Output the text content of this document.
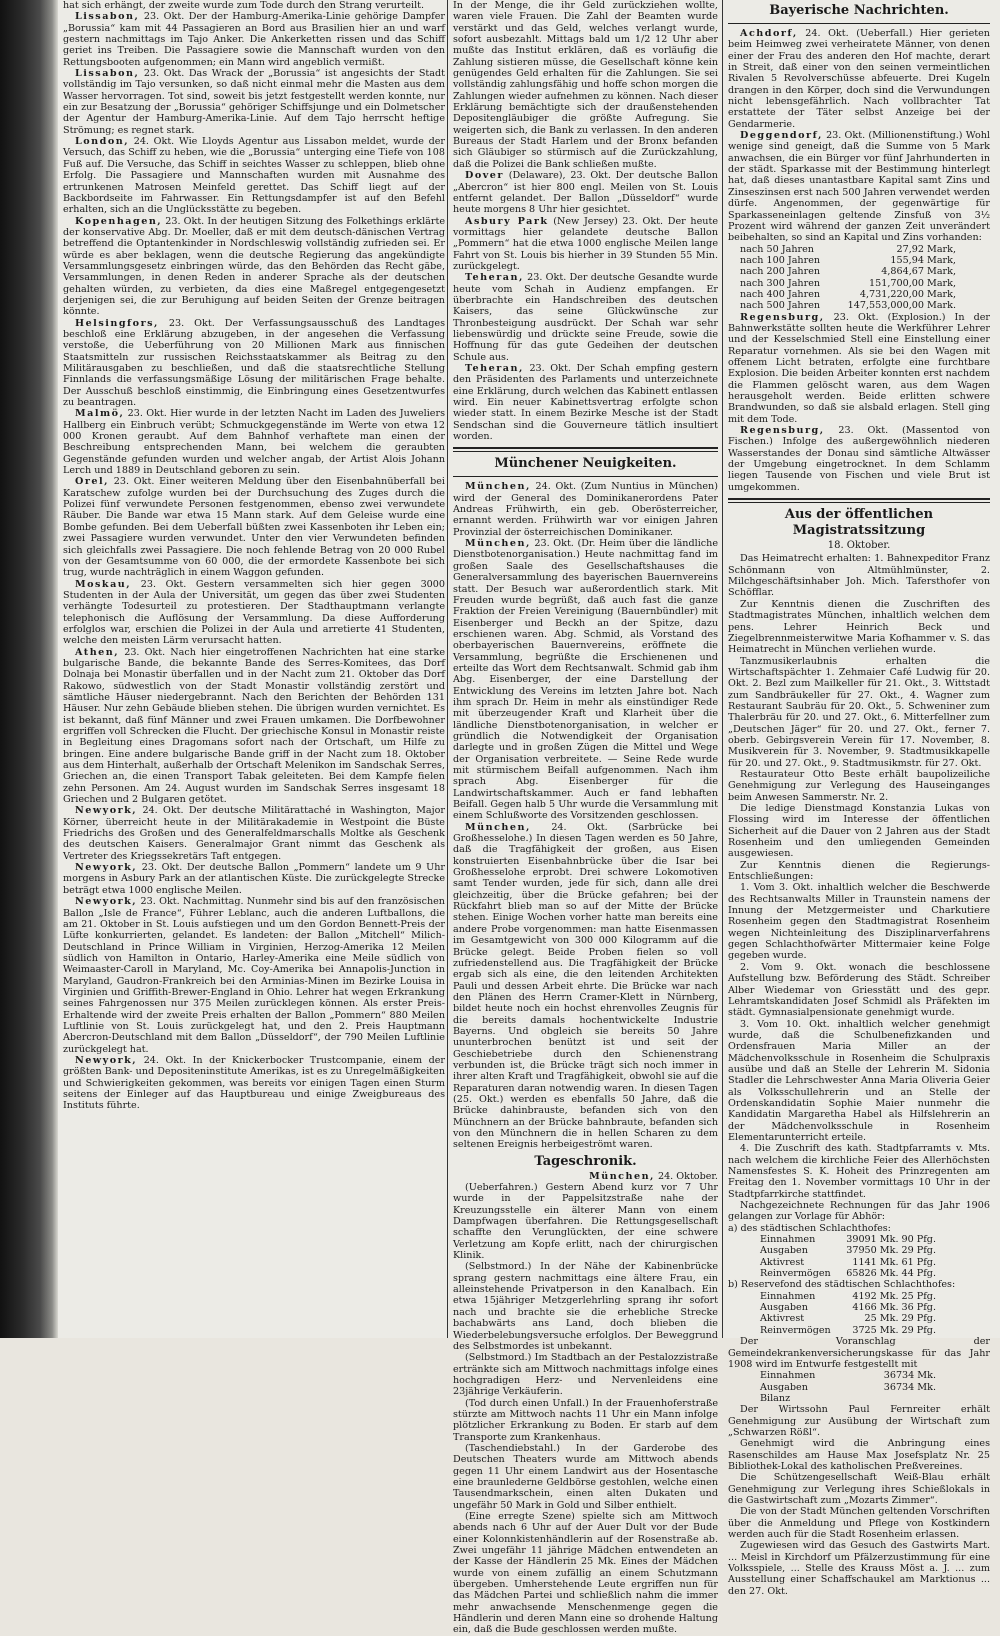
hat sich erhängt, der zweite wurde zum Tode durch den Strang verurteilt.

Lissabon, 23. Okt. Der der Hamburg-Amerika-Linie gehörige Dampfer „Borussia“ kam mit 44 Passagieren an Bord aus Brasilien hier an und warf gestern nachmittags im Tajo Anker. Die Ankerketten rissen und das Schiff geriet ins Treiben. Die Passagiere sowie die Mannschaft wurden von den Rettungsbooten aufgenommen; ein Mann wird angeblich vermißt.

Lissabon, 23. Okt. Das Wrack der „Borussia“ ist angesichts der Stadt vollständig im Tajo versunken, so daß nicht einmal mehr die Masten aus dem Wasser hervorragen. Tot sind, soweit bis jetzt festgestellt werden konnte, nur ein zur Besatzung der „Borussia“ gehöriger Schiffsjunge und ein Dolmetscher der Agentur der Hamburg-Amerika-Linie. Auf dem Tajo herrscht heftige Strömung; es regnet stark.

London, 24. Okt. Wie Lloyds Agentur aus Lissabon meldet, wurde der Versuch, das Schiff zu heben, wie die „Borussia“ unterging eine Tiefe von 108 Fuß auf. Die Versuche, das Schiff in seichtes Wasser zu schleppen, blieb ohne Erfolg. Die Passagiere und Mannschaften wurden mit Ausnahme des ertrunkenen Matrosen Meinfeld gerettet. Das Schiff liegt auf der Backbordseite im Fahrwasser. Ein Rettungsdampfer ist auf den Befehl erhalten, sich an die Unglücksstätte zu begeben.

Kopenhagen, 23. Okt. In der heutigen Sitzung des Folkethings erklärte der konservative Abg. Dr. Moeller, daß er mit dem deutsch-dänischen Vertrag betreffend die Optantenkinder in Nordschleswig vollständig zufrieden sei. Er würde es aber beklagen, wenn die deutsche Regierung das angekündigte Versammlungsgesetz einbringen würde, das den Behörden das Recht gäbe, Versammlungen, in denen Reden in anderer Sprache als der deutschen gehalten würden, zu verbieten, da dies eine Maßregel entgegengesetzt derjenigen sei, die zur Beruhigung auf beiden Seiten der Grenze beitragen könnte.

Helsingfors, 23. Okt. Der Verfassungsausschuß des Landtages beschloß eine Erklärung abzugeben, in der angesehen die Verfassung verstoße, die Ueberführung von 20 Millionen Mark aus finnischen Staatsmitteln zur russischen Reichsstaatskammer als Beitrag zu den Militärausgaben zu beschließen, und daß die staatsrechtliche Stellung Finnlands die verfassungsmäßige Lösung der militärischen Frage behalte. Der Ausschuß beschloß einstimmig, die Einbringung eines Gesetzentwurfes zu beantragen.

Malmö, 23. Okt. Hier wurde in der letzten Nacht im Laden des Juweliers Hallberg ein Einbruch verübt; Schmuckgegenstände im Werte von etwa 12 000 Kronen geraubt. Auf dem Bahnhof verhaftete man einen der Beschreibung entsprechenden Mann, bei welchem die geraubten Gegenstände gefunden wurden und welcher angab, der Artist Alois Johann Lerch und 1889 in Deutschland geboren zu sein.

Orel, 23. Okt. Einer weiteren Meldung über den Eisenbahnüberfall bei Karatschew zufolge wurden bei der Durchsuchung des Zuges durch die Polizei fünf verwundete Personen festgenommen, ebenso zwei verwundete Räuber. Die Bande war etwa 15 Mann stark. Auf dem Geleise wurde eine Bombe gefunden. Bei dem Ueberfall büßten zwei Kassenboten ihr Leben ein; zwei Passagiere wurden verwundet. Unter den vier Verwundeten befinden sich gleichfalls zwei Passagiere. Die noch fehlende Betrag von 20 000 Rubel von der Gesamtsumme von 60 000, die der ermordete Kassenbote bei sich trug, wurde nachträglich in einem Waggon gefunden.

Moskau, 23. Okt. Gestern versammelten sich hier gegen 3000 Studenten in der Aula der Universität, um gegen das über zwei Studenten verhängte Todesurteil zu protestieren. Der Stadthauptmann verlangte telephonisch die Auflösung der Versammlung. Da diese Aufforderung erfolglos war, erschien die Polizei in der Aula und arretierte 41 Studenten, welche den meisten Lärm verursacht hatten.

Athen, 23. Okt. Nach hier eingetroffenen Nachrichten hat eine starke bulgarische Bande, die bekannte Bande des Serres-Komitees, das Dorf Dolnaja bei Monastir überfallen und in der Nacht zum 21. Oktober das Dorf Rakowo, südwestlich von der Stadt Monastir vollständig zerstört und sämtliche Häuser niedergebrannt. Nach den Berichten der Behörden 131 Häuser. Nur zehn Gebäude blieben stehen. Die übrigen wurden vernichtet. Es ist bekannt, daß fünf Männer und zwei Frauen umkamen. Die Dorfbewohner ergriffen voll Schrecken die Flucht. Der griechische Konsul in Monastir reiste in Begleitung eines Dragomans sofort nach der Ortschaft, um Hilfe zu bringen. Eine andere bulgarische Bande griff in der Nacht zum 18. Oktober aus dem Hinterhalt, außerhalb der Ortschaft Melenikon im Sandschak Serres, Griechen an, die einen Transport Tabak geleiteten. Bei dem Kampfe fielen zehn Personen. Am 24. August wurden im Sandschak Serres insgesamt 18 Griechen und 2 Bulgaren getötet.

Newyork, 24. Okt. Der deutsche Militärattaché in Washington, Major Körner, überreicht heute in der Militärakademie in Westpoint die Büste Friedrichs des Großen und des Generalfeldmarschalls Moltke als Geschenk des deutschen Kaisers. Generalmajor Grant nimmt das Geschenk als Vertreter des Kriegssekretärs Taft entgegen.

Newyork, 23. Okt. Der deutsche Ballon „Pommern“ landete um 9 Uhr morgens in Asbury Park an der atlantischen Küste. Die zurückgelegte Strecke beträgt etwa 1000 englische Meilen.

Newyork, 23. Okt. Nachmittag. Nunmehr sind bis auf den französischen Ballon „Isle de France“, Führer Leblanc, auch die anderen Luftballons, die am 21. Oktober in St. Louis aufstiegen und um den Gordon Bennett-Preis der Lüfte konkurrierten, gelandet. Es landeten: der Ballon „Mitchell“ Milich-Deutschland in Prince William in Virginien, Herzog-Amerika 12 Meilen südlich von Hamilton in Ontario, Harley-Amerika eine Meile südlich von Weimaaster-Caroll in Maryland, Mc. Coy-Amerika bei Annapolis-Junction in Maryland, Gaudron-Frankreich bei den Arminias-Minen im Bezirke Louisa in Virginien und Griffith-Brewer-England in Ohio. Lehrer hat wegen Erkrankung seines Fahrgenossen nur 375 Meilen zurücklegen können. Als erster Preis-Erhaltende wird der zweite Preis erhalten der Ballon „Pommern“ 880 Meilen Luftlinie von St. Louis zurückgelegt hat, und den 2. Preis Hauptmann Abercron-Deutschland mit dem Ballon „Düsseldorf“, der 790 Meilen Luftlinie zurückgelegt hat.

Newyork, 24. Okt. In der Knickerbocker Trustcompanie, einem der größten Bank- und Depositeninstitute Amerikas, ist es zu Unregelmäßigkeiten und Schwierigkeiten gekommen, was bereits vor einigen Tagen einen Sturm seitens der Einleger auf das Hauptbureau und einige Zweigbureaus des Instituts führte.

In der Menge, die ihr Geld zurückziehen wollte, waren viele Frauen. Die Zahl der Beamten wurde verstärkt und das Geld, welches verlangt wurde, sofort ausbezahlt. Mittags bald um 1/2 12 Uhr aber mußte das Institut erklären, daß es vorläufig die Zahlung sistieren müsse, die Gesellschaft könne kein genügendes Geld erhalten für die Zahlungen. Sie sei vollständig zahlungsfähig und hoffe schon morgen die Zahlungen wieder aufnehmen zu können. Nach dieser Erklärung bemächtigte sich der draußenstehenden Depositengläubiger die größte Aufregung. Sie weigerten sich, die Bank zu verlassen. In den anderen Bureaus der Stadt Harlem und der Bronx befanden sich Gläubiger so stürmisch auf die Zurückzahlung, daß die Polizei die Bank schließen mußte.

Dover (Delaware), 23. Okt. Der deutsche Ballon „Abercron“ ist hier 800 engl. Meilen von St. Louis entfernt gelandet. Der Ballon „Düsseldorf“ wurde heute morgens 8 Uhr hier gesichtet.

Asbury Park (New Jersey) 23. Okt. Der heute vormittags hier gelandete deutsche Ballon „Pommern“ hat die etwa 1000 englische Meilen lange Fahrt von St. Louis bis hierher in 39 Stunden 55 Min. zurückgelegt.

Teheran, 23. Okt. Der deutsche Gesandte wurde heute vom Schah in Audienz empfangen. Er überbrachte ein Handschreiben des deutschen Kaisers, das seine Glückwünsche zur Thronbesteigung ausdrückt. Der Schah war sehr liebenswürdig und drückte seine Freude, sowie die Hoffnung für das gute Gedeihen der deutschen Schule aus.

Teheran, 23. Okt. Der Schah empfing gestern den Präsidenten des Parlaments und unterzeichnete eine Erklärung, durch welchen das Kabinett entlassen wird. Ein neuer Kabinettsvertrag erfolgte schon wieder statt. In einem Bezirke Mesche ist der Stadt Sendschan sind die Gouverneure tätlich insultiert worden.

Münchener Neuigkeiten.

München, 24. Okt. (Zum Nuntius in München) wird der General des Dominikanerordens Pater Andreas Frühwirth, ein geb. Oberösterreicher, ernannt werden. Frühwirth war vor einigen Jahren Provinzial der österreichischen Dominikaner.

München, 23. Okt. (Dr. Heim über die ländliche Dienstbotenorganisation.) Heute nachmittag fand im großen Saale des Gesellschaftshauses die Generalversammlung des bayerischen Bauernvereins statt. Der Besuch war außerordentlich stark. Mit Freuden wurde begrüßt, daß auch fast die ganze Fraktion der Freien Vereinigung (Bauernbündler) mit Eisenberger und Beckh an der Spitze, dazu erschienen waren. Abg. Schmid, als Vorstand des oberbayerischen Bauernvereins, eröffnete die Versammlung, begrüßte die Erschienenen und erteilte das Wort dem Rechtsanwalt. Schmid gab ihm Abg. Eisenberger, der eine Darstellung der Entwicklung des Vereins im letzten Jahre bot. Nach ihm sprach Dr. Heim in mehr als einstündiger Rede mit überzeugender Kraft und Klarheit über die ländliche Dienstbotenorganisation, in welcher er gründlich die Notwendigkeit der Organisation darlegte und in großen Zügen die Mittel und Wege der Organisation verbreitete. — Seine Rede wurde mit stürmischem Beifall aufgenommen. Nach ihm sprach Abg. Eisenberger für die Landwirtschaftskammer. Auch er fand lebhaften Beifall. Gegen halb 5 Uhr wurde die Versammlung mit einem Schlußworte des Vorsitzenden geschlossen.

München, 24. Okt. (Sarbrücke bei Großhesselohe.) In diesen Tagen werden es 50 Jahre, daß die Tragfähigkeit der großen, aus Eisen konstruierten Eisenbahnbrücke über die Isar bei Großhesselohe erprobt. Drei schwere Lokomotiven samt Tender wurden, jede für sich, dann alle drei gleichzeitig, über die Brücke gefahren; bei der Rückfahrt blieb man so auf der Mitte der Brücke stehen. Einige Wochen vorher hatte man bereits eine andere Probe vorgenommen: man hatte Eisenmassen im Gesamtgewicht von 300 000 Kilogramm auf die Brücke gelegt. Beide Proben fielen so voll zufriedenstellend aus. Die Tragfähigkeit der Brücke ergab sich als eine, die den leitenden Architekten Pauli und dessen Arbeit ehrte. Die Brücke war nach den Plänen des Herrn Cramer-Klett in Nürnberg, bildet heute noch ein hochst ehrenvolles Zeugnis für die bereits damals hochentwickelte Industrie Bayerns. Und obgleich sie bereits 50 Jahre ununterbrochen benützt ist und seit der Geschiebetriebe durch den Schienenstrang verbunden ist, die Brücke trägt sich noch immer in ihrer alten Kraft und Tragfähigkeit, obwohl sie auf die Reparaturen daran notwendig waren. In diesen Tagen (25. Okt.) werden es ebenfalls 50 Jahre, daß die Brücke dahinbrauste, befanden sich von den Münchnern an der Brücke bahnbraute, befanden sich von den Münchnern die in hellen Scharen zu dem seltenen Ereignis herbeigeströmt waren.

Tageschronik.

München, 24. Oktober.

(Ueberfahren.) Gestern Abend kurz vor 7 Uhr wurde in der Pappelsitzstraße nahe der Kreuzungsstelle ein älterer Mann von einem Dampfwagen überfahren. Die Rettungsgesellschaft schaffte den Verunglückten, der eine schwere Verletzung am Kopfe erlitt, nach der chirurgischen Klinik.

(Selbstmord.) In der Nähe der Kabinenbrücke sprang gestern nachmittags eine ältere Frau, ein alleinstehende Privatperson in den Kanalbach. Ein etwa 15jähriger Metzgerlehrling sprang ihr sofort nach und brachte sie die erhebliche Strecke bachabwärts ans Land, doch blieben die Wiederbelebungsversuche erfolglos. Der Beweggrund des Selbstmordes ist unbekannt.

(Selbstmord.) Im Stadtbach an der Pestalozzistraße ertränkte sich am Mittwoch nachmittags infolge eines hochgradigen Herz- und Nervenleidens eine 23jährige Verkäuferin.

(Tod durch einen Unfall.) In der Frauenhoferstraße stürzte am Mittwoch nachts 11 Uhr ein Mann infolge plötzlicher Erkrankung zu Boden. Er starb auf dem Transporte zum Krankenhaus.

(Taschendiebstahl.) In der Garderobe des Deutschen Theaters wurde am Mittwoch abends gegen 11 Uhr einem Landwirt aus der Hosentasche eine braunlederne Geldbörse gestohlen, welche einen Tausendmarkschein, einen alten Dukaten und ungefähr 50 Mark in Gold und Silber enthielt.

(Eine erregte Szene) spielte sich am Mittwoch abends nach 6 Uhr auf der Auer Dult vor der Bude einer Kolonnkistenhändlerin auf der Rosenstraße ab. Zwei ungefähr 11 jährige Mädchen entwendeten an der Kasse der Händlerin 25 Mk. Eines der Mädchen wurde von einem zufällig an einem Schutzmann übergeben. Umherstehende Leute ergriffen nun für das Mädchen Partei und schließlich nahm die immer mehr anwachsende Menschenmenge gegen die Händlerin und deren Mann eine so drohende Haltung ein, daß die Bude geschlossen werden mußte.

Bayerische Nachrichten.

Achdorf, 24. Okt. (Ueberfall.) Hier gerieten beim Heimweg zwei verheiratete Männer, von denen einer der Frau des anderen den Hof machte, derart in Streit, daß einer von den seinen vermeintlichen Rivalen 5 Revolverschüsse abfeuerte. Drei Kugeln drangen in den Körper, doch sind die Verwundungen nicht lebensgefährlich. Nach vollbrachter Tat erstattete der Täter selbst Anzeige bei der Gendarmerie.

Deggendorf, 23. Okt. (Millionenstiftung.) Wohl wenige sind geneigt, daß die Summe von 5 Mark anwachsen, die ein Bürger vor fünf Jahrhunderten in der städt. Sparkasse mit der Bestimmung hinterlegt hat, daß dieses unantastbare Kapital samt Zins und Zinseszinsen erst nach 500 Jahren verwendet werden dürfe. Angenommen, der gegenwärtige für Sparkasseneinlagen geltende Zinsfuß von 3½ Prozent wird während der ganzen Zeit unverändert beibehalten, so sind an Kapital und Zins vorhanden:

nach 50 Jahren	27,92 Mark,
nach 100 Jahren	155,94 Mark,
nach 200 Jahren	4,864,67 Mark,
nach 300 Jahren	151,700,00 Mark,
nach 400 Jahren	4,731,220,00 Mark,
nach 500 Jahren	147,553,000,00 Mark.

Regensburg, 23. Okt. (Explosion.) In der Bahnwerkstätte sollten heute die Werkführer Lehrer und der Kesselschmied Stell eine Einstellung einer Reparatur vornehmen. Als sie bei den Wagen mit offenem Licht betraten, erfolgte eine furchtbare Explosion. Die beiden Arbeiter konnten erst nachdem die Flammen gelöscht waren, aus dem Wagen herausgeholt werden. Beide erlitten schwere Brandwunden, so daß sie alsbald erlagen. Stell ging mit dem Tode.

Regensburg, 23. Okt. (Massentod von Fischen.) Infolge des außergewöhnlich niederen Wasserstandes der Donau sind sämtliche Altwässer der Umgebung eingetrocknet. In dem Schlamm liegen Tausende von Fischen und viele Brut ist umgekommen.

Aus der öffentlichen Magistratssitzung
18. Oktober.

Das Heimatrecht erhalten: 1. Bahnexpeditor Franz Schönmann von Altmühlmünster, 2. Milchgeschäftsinhaber Joh. Mich. Tafersthofer von Schöfflar.

Zur Kenntnis dienen die Zuschriften des Stadtmagistrates München, inhaltlich welchen dem pens. Lehrer Heinrich Beck und Ziegelbrennmeisterwitwe Maria Kofhammer v. S. das Heimatrecht in München verliehen wurde.

Tanzmusikerlaubnis erhalten die Wirtschaftspächter 1. Zehmaier Café Ludwig für 20. Okt. 2. Bezl zum Mailkeller für 21. Okt., 3. Wittstadt zum Sandbräukeller für 27. Okt., 4. Wagner zum Restaurant Saubräu für 20. Okt., 5. Schweniner zum Thalerbräu für 20. und 27. Okt., 6. Mitterfellner zum „Deutschen Jäger“ für 20. und 27. Okt., ferner 7. oberb. Gebirgsverein Verein für 17. November, 8. Musikverein für 3. November, 9. Stadtmusikkapelle für 20. und 27. Okt., 9. Stadtmusikmstr. für 27. Okt.

Restaurateur Otto Beste erhält baupolizeiliche Genehmigung zur Verlegung des Hauseinganges beim Anwesen Sammerstr. Nr. 2.

Die ledige Dienstmagd Konstanzia Lukas von Flossing wird im Interesse der öffentlichen Sicherheit auf die Dauer von 2 Jahren aus der Stadt Rosenheim und den umliegenden Gemeinden ausgewiesen.

Zur Kenntnis dienen die Regierungs-Entschließungen:

1. Vom 3. Okt. inhaltlich welcher die Beschwerde des Rechtsanwalts Miller in Traunstein namens der Innung der Metzgermeister und Charkutiere Rosenheim gegen den Stadtmagistrat Rosenheim wegen Nichteinleitung des Disziplinarverfahrens gegen Schlachthofwärter Mittermaier keine Folge gegeben wurde.

2. Vom 9. Okt. wonach die beschlossene Aufstellung bzw. Beförderung des Städt. Schreiber Alber Wiedemar von Griesstätt und des gepr. Lehramtskandidaten Josef Schmidl als Präfekten im städt. Gymnasialpensionate genehmigt wurde.

3. Vom 10. Okt. inhaltlich welcher genehmigt wurde, daß die Schulbenefizkanden und Ordensfrauen Maria Miller an der Mädchenvolksschule in Rosenheim die Schulpraxis ausübe und daß an Stelle der Lehrerin M. Sidonia Stadler die Lehrschwester Anna Maria Oliveria Geier als Volksschullehrerin und an Stelle der Ordenskandidatin Sophie Maier nunmehr die Kandidatin Margaretha Habel als Hilfslehrerin an der Mädchenvolksschule in Rosenheim Elementarunterricht erteile.

4. Die Zuschrift des kath. Stadtpfarramts v. Mts. nach welchem die kirchliche Feier des Allerhöchsten Namensfestes S. K. Hoheit des Prinzregenten am Freitag den 1. November vormittags 10 Uhr in der Stadtpfarrkirche stattfindet.

Nachgezeichnete Rechnungen für das Jahr 1906 gelangen zur Vorlage für Abhör:

a) des städtischen Schlachthofes:

Einnahmen	39091 Mk. 90 Pfg.
Ausgaben	37950 Mk. 29 Pfg.
Aktivrest	1141 Mk. 61 Pfg.
Reinvermögen	65826 Mk. 44 Pfg.

b) Reservefond des städtischen Schlachthofes:

Einnahmen	4192 Mk. 25 Pfg.
Ausgaben	4166 Mk. 36 Pfg.
Aktivrest	25 Mk. 29 Pfg.
Reinvermögen	3725 Mk. 29 Pfg.

Der Voranschlag der Gemeindekrankenversicherungskasse für das Jahr 1908 wird im Entwurfe festgestellt mit

Einnahmen	36734 Mk.
Ausgaben	36734 Mk.
Bilanz	

Der Wirtssohn Paul Fernreiter erhält Genehmigung zur Ausübung der Wirtschaft zum „Schwarzen Rößl“.

Genehmigt wird die Anbringung eines Rasenschildes am Hause Max Josefsplatz Nr. 25 Bibliothek-Lokal des katholischen Preßvereines.

Die Schützengesellschaft Weiß-Blau erhält Genehmigung zur Verlegung ihres Schießlokals in die Gastwirtschaft zum „Mozarts Zimmer“.

Die von der Stadt München geltenden Vorschriften über die Anmeldung und Pflege von Kostkindern werden auch für die Stadt Rosenheim erlassen.

Zugewiesen wird das Gesuch des Gastwirts Mart. ... Meisl in Kirchdorf um Pfälzerzustimmung für eine Volksspiele, ... Stelle des Krauss Möst a. J. ... zum Ausstellung einer Schaffschaukel am Marktionus ... den 27. Okt.
